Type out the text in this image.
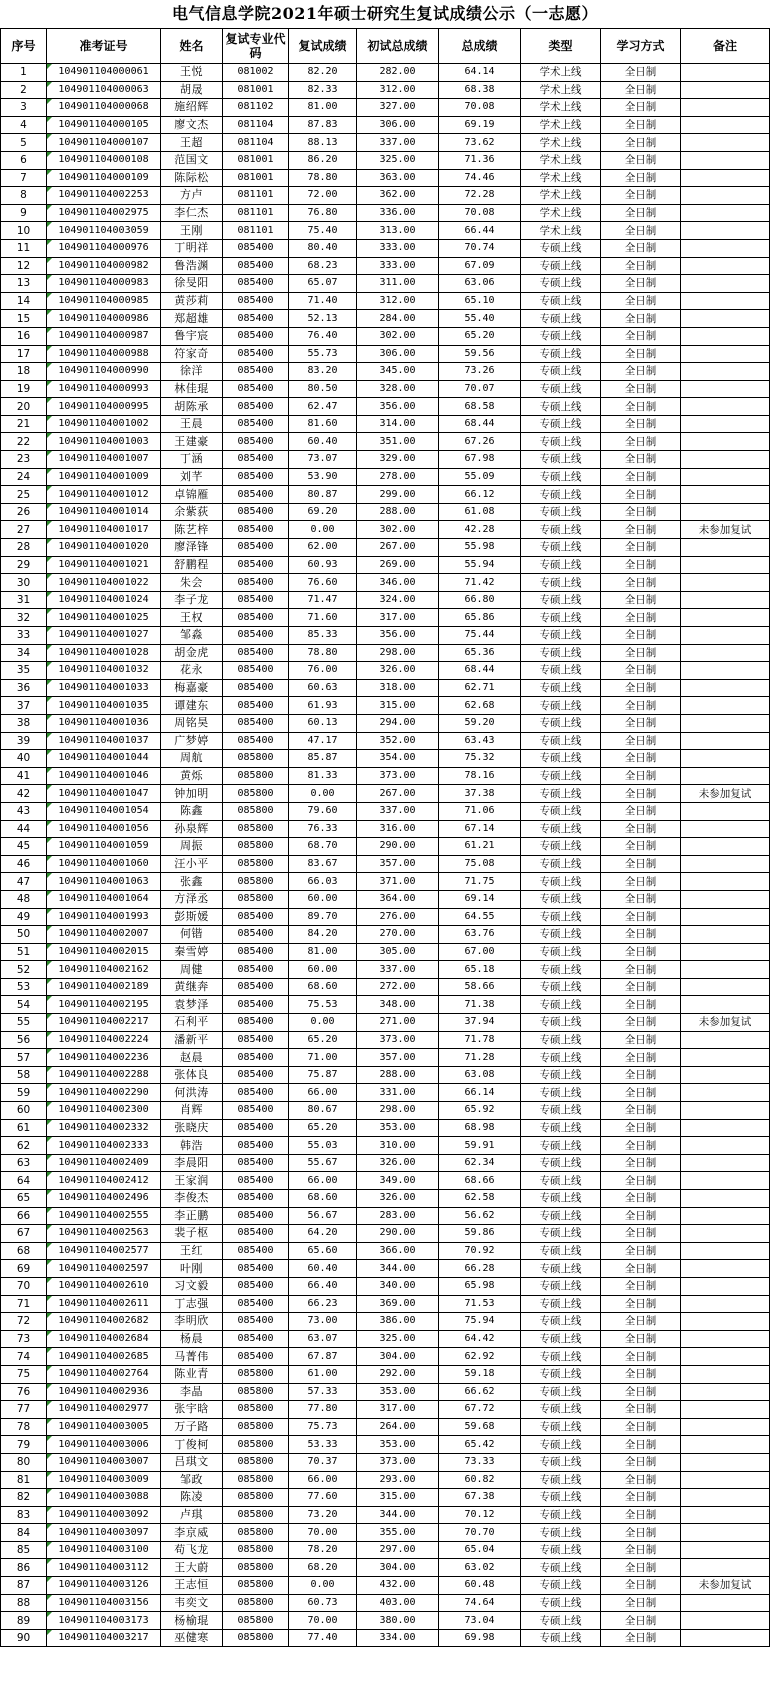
电气信息学院2021年硕士研究生复试成绩公示（一志愿）
序号	准考证号	姓名	复试专业代码	复试成绩	初试总成绩	总成绩	类型	学习方式	备注
1	104901104000061	王悦	081002	82.20	282.00	64.14	学术上线	全日制	
2	104901104000063	胡晟	081001	82.33	312.00	68.38	学术上线	全日制	
3	104901104000068	施绍辉	081102	81.00	327.00	70.08	学术上线	全日制	
4	104901104000105	廖文杰	081104	87.83	306.00	69.19	学术上线	全日制	
5	104901104000107	王超	081104	88.13	337.00	73.62	学术上线	全日制	
6	104901104000108	范国文	081001	86.20	325.00	71.36	学术上线	全日制	
7	104901104000109	陈际松	081001	78.80	363.00	74.46	学术上线	全日制	
8	104901104002253	方卢	081101	72.00	362.00	72.28	学术上线	全日制	
9	104901104002975	李仁杰	081101	76.80	336.00	70.08	学术上线	全日制	
10	104901104003059	王刚	081101	75.40	313.00	66.44	学术上线	全日制	
11	104901104000976	丁明祥	085400	80.40	333.00	70.74	专硕上线	全日制	
12	104901104000982	鲁浩渊	085400	68.23	333.00	67.09	专硕上线	全日制	
13	104901104000983	徐旻阳	085400	65.07	311.00	63.06	专硕上线	全日制	
14	104901104000985	黄莎莉	085400	71.40	312.00	65.10	专硕上线	全日制	
15	104901104000986	郑超雄	085400	52.13	284.00	55.40	专硕上线	全日制	
16	104901104000987	鲁宇宸	085400	76.40	302.00	65.20	专硕上线	全日制	
17	104901104000988	符家奇	085400	55.73	306.00	59.56	专硕上线	全日制	
18	104901104000990	徐洋	085400	83.20	345.00	73.26	专硕上线	全日制	
19	104901104000993	林佳琨	085400	80.50	328.00	70.07	专硕上线	全日制	
20	104901104000995	胡陈承	085400	62.47	356.00	68.58	专硕上线	全日制	
21	104901104001002	王晨	085400	81.60	314.00	68.44	专硕上线	全日制	
22	104901104001003	王建豪	085400	60.40	351.00	67.26	专硕上线	全日制	
23	104901104001007	丁涵	085400	73.07	329.00	67.98	专硕上线	全日制	
24	104901104001009	刘芊	085400	53.90	278.00	55.09	专硕上线	全日制	
25	104901104001012	卓锦雁	085400	80.87	299.00	66.12	专硕上线	全日制	
26	104901104001014	余紫荻	085400	69.20	288.00	61.08	专硕上线	全日制	
27	104901104001017	陈艺梓	085400	0.00	302.00	42.28	专硕上线	全日制	未参加复试
28	104901104001020	廖泽锋	085400	62.00	267.00	55.98	专硕上线	全日制	
29	104901104001021	舒鹏程	085400	60.93	269.00	55.94	专硕上线	全日制	
30	104901104001022	朱会	085400	76.60	346.00	71.42	专硕上线	全日制	
31	104901104001024	李子龙	085400	71.47	324.00	66.80	专硕上线	全日制	
32	104901104001025	王权	085400	71.60	317.00	65.86	专硕上线	全日制	
33	104901104001027	邹淼	085400	85.33	356.00	75.44	专硕上线	全日制	
34	104901104001028	胡金虎	085400	78.80	298.00	65.36	专硕上线	全日制	
35	104901104001032	花永	085400	76.00	326.00	68.44	专硕上线	全日制	
36	104901104001033	梅嘉豪	085400	60.63	318.00	62.71	专硕上线	全日制	
37	104901104001035	谭建东	085400	61.93	315.00	62.68	专硕上线	全日制	
38	104901104001036	周铭昊	085400	60.13	294.00	59.20	专硕上线	全日制	
39	104901104001037	广梦婷	085400	47.17	352.00	63.43	专硕上线	全日制	
40	104901104001044	周航	085800	85.87	354.00	75.32	专硕上线	全日制	
41	104901104001046	黄烁	085800	81.33	373.00	78.16	专硕上线	全日制	
42	104901104001047	钟加明	085800	0.00	267.00	37.38	专硕上线	全日制	未参加复试
43	104901104001054	陈鑫	085800	79.60	337.00	71.06	专硕上线	全日制	
44	104901104001056	孙泉辉	085800	76.33	316.00	67.14	专硕上线	全日制	
45	104901104001059	周振	085800	68.70	290.00	61.21	专硕上线	全日制	
46	104901104001060	汪小平	085800	83.67	357.00	75.08	专硕上线	全日制	
47	104901104001063	张鑫	085800	66.03	371.00	71.75	专硕上线	全日制	
48	104901104001064	方泽丞	085800	60.00	364.00	69.14	专硕上线	全日制	
49	104901104001993	彭斯媛	085400	89.70	276.00	64.55	专硕上线	全日制	
50	104901104002007	何锴	085400	84.20	270.00	63.76	专硕上线	全日制	
51	104901104002015	秦雪婷	085400	81.00	305.00	67.00	专硕上线	全日制	
52	104901104002162	周健	085400	60.00	337.00	65.18	专硕上线	全日制	
53	104901104002189	黄继奔	085400	68.60	272.00	58.66	专硕上线	全日制	
54	104901104002195	袁梦泽	085400	75.53	348.00	71.38	专硕上线	全日制	
55	104901104002217	石利平	085400	0.00	271.00	37.94	专硕上线	全日制	未参加复试
56	104901104002224	潘新平	085400	65.20	373.00	71.78	专硕上线	全日制	
57	104901104002236	赵晨	085400	71.00	357.00	71.28	专硕上线	全日制	
58	104901104002288	张体良	085400	75.87	288.00	63.08	专硕上线	全日制	
59	104901104002290	何洪涛	085400	66.00	331.00	66.14	专硕上线	全日制	
60	104901104002300	肖辉	085400	80.67	298.00	65.92	专硕上线	全日制	
61	104901104002332	张晓庆	085400	65.20	353.00	68.98	专硕上线	全日制	
62	104901104002333	韩浩	085400	55.03	310.00	59.91	专硕上线	全日制	
63	104901104002409	李晨阳	085400	55.67	326.00	62.34	专硕上线	全日制	
64	104901104002412	王家润	085400	66.00	349.00	68.66	专硕上线	全日制	
65	104901104002496	李俊杰	085400	68.60	326.00	62.58	专硕上线	全日制	
66	104901104002555	李正鹏	085400	56.67	283.00	56.62	专硕上线	全日制	
67	104901104002563	裴子枢	085400	64.20	290.00	59.86	专硕上线	全日制	
68	104901104002577	王红	085400	65.60	366.00	70.92	专硕上线	全日制	
69	104901104002597	叶刚	085400	60.40	344.00	66.28	专硕上线	全日制	
70	104901104002610	习文毅	085400	66.40	340.00	65.98	专硕上线	全日制	
71	104901104002611	丁志强	085400	66.23	369.00	71.53	专硕上线	全日制	
72	104901104002682	李明欣	085400	73.00	386.00	75.94	专硕上线	全日制	
73	104901104002684	杨晨	085400	63.07	325.00	64.42	专硕上线	全日制	
74	104901104002685	马菁伟	085400	67.87	304.00	62.92	专硕上线	全日制	
75	104901104002764	陈业青	085800	61.00	292.00	59.18	专硕上线	全日制	
76	104901104002936	李晶	085800	57.33	353.00	66.62	专硕上线	全日制	
77	104901104002977	张宇晗	085800	77.80	317.00	67.72	专硕上线	全日制	
78	104901104003005	万子路	085800	75.73	264.00	59.68	专硕上线	全日制	
79	104901104003006	丁俊柯	085800	53.33	353.00	65.42	专硕上线	全日制	
80	104901104003007	吕琪文	085800	70.37	373.00	73.33	专硕上线	全日制	
81	104901104003009	邹政	085800	66.00	293.00	60.82	专硕上线	全日制	
82	104901104003088	陈凌	085800	77.60	315.00	67.38	专硕上线	全日制	
83	104901104003092	卢琪	085800	73.20	344.00	70.12	专硕上线	全日制	
84	104901104003097	李京威	085800	70.00	355.00	70.70	专硕上线	全日制	
85	104901104003100	苟飞龙	085800	78.20	297.00	65.04	专硕上线	全日制	
86	104901104003112	王大蔚	085800	68.20	304.00	63.02	专硕上线	全日制	
87	104901104003126	王志恒	085800	0.00	432.00	60.48	专硕上线	全日制	未参加复试
88	104901104003156	韦奕文	085800	60.73	403.00	74.64	专硕上线	全日制	
89	104901104003173	杨榆琨	085800	70.00	380.00	73.04	专硕上线	全日制	
90	104901104003217	巫健寒	085800	77.40	334.00	69.98	专硕上线	全日制	
